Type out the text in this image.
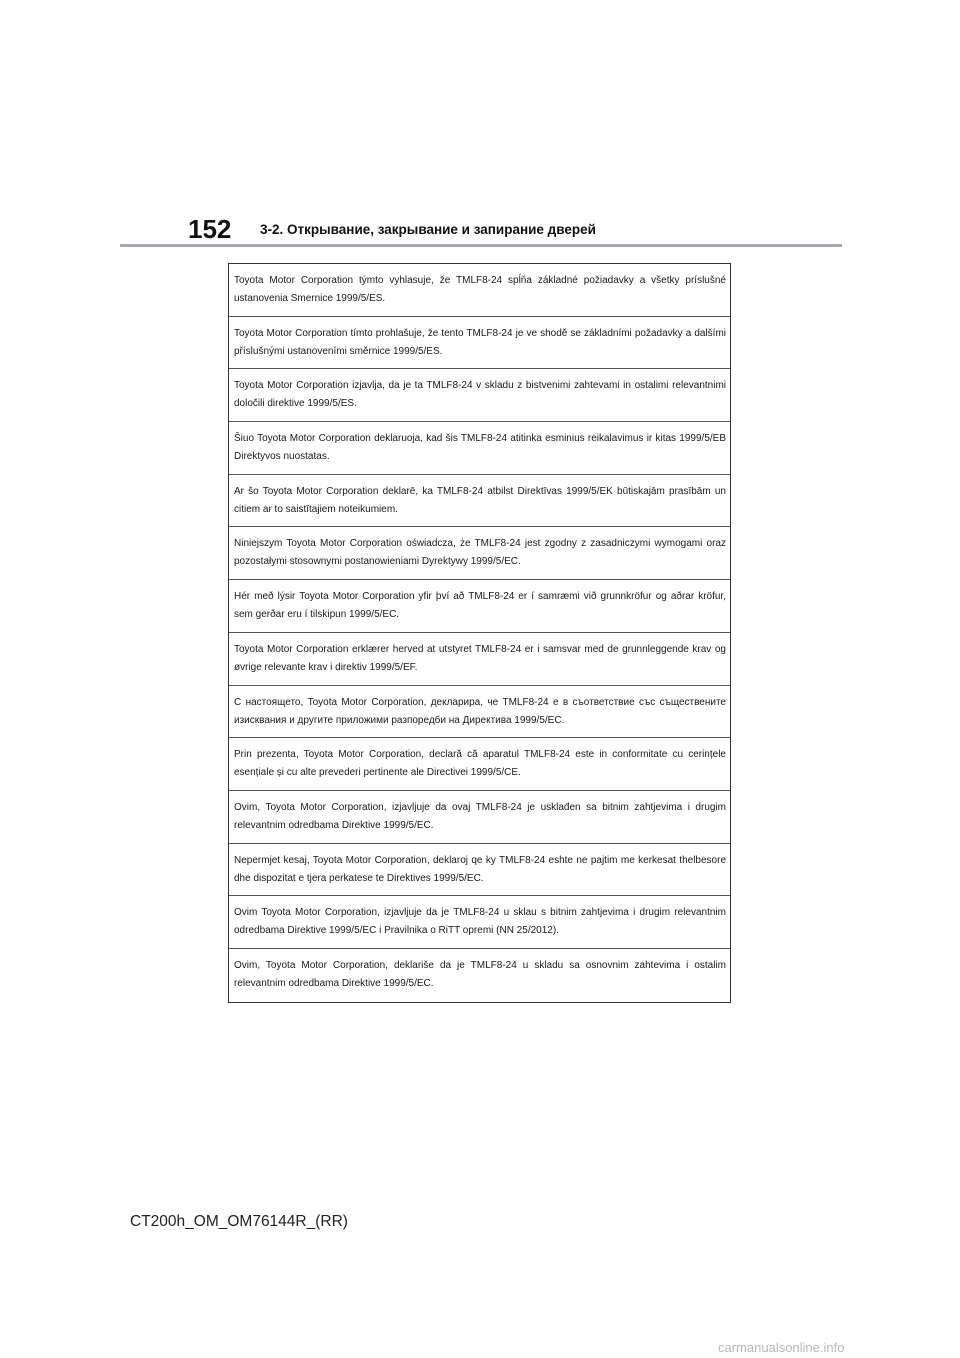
152 3-2. Открывание, закрывание и запирание дверей

Toyota Motor Corporation týmto vyhlasuje, že TMLF8-24 spĺňa základné požiadavky a všetky príslušné ustanovenia Smernice 1999/5/ES.

Toyota Motor Corporation tímto prohlašuje, že tento TMLF8-24 je ve shodě se základními požadavky a dalšími příslušnými ustanoveními směrnice 1999/5/ES.

Toyota Motor Corporation izjavlja, da je ta TMLF8-24 v skladu z bistvenimi zahtevami in ostalimi relevantnimi določili direktive 1999/5/ES.

Šiuo Toyota Motor Corporation deklaruoja, kad šis TMLF8-24 atitinka esminius reikalavimus ir kitas 1999/5/EB Direktyvos nuostatas.

Ar šo Toyota Motor Corporation deklarē, ka TMLF8-24 atbilst Direktīvas 1999/5/EK būtiskajām prasībām un citiem ar to saistītajiem noteikumiem.

Niniejszym Toyota Motor Corporation oświadcza, że TMLF8-24 jest zgodny z zasadniczymi wymogami oraz pozostałymi stosownymi postanowieniami Dyrektywy 1999/5/EC.

Hér með lýsir Toyota Motor Corporation yfir því að TMLF8-24 er í samræmi við grunnkröfur og aðrar kröfur, sem gerðar eru í tilskipun 1999/5/EC.

Toyota Motor Corporation erklærer herved at utstyret TMLF8-24 er i samsvar med de grunnleggende krav og øvrige relevante krav i direktiv 1999/5/EF.

С настоящето, Toyota Motor Corporation, декларира, че TMLF8-24 е в съответствие със съществените изисквания и другите приложими разпоредби на Директива 1999/5/ЕС.

Prin prezenta, Toyota Motor Corporation, declară că aparatul TMLF8-24 este in conformitate cu cerințele esențiale și cu alte prevederi pertinente ale Directivei 1999/5/CE.

Ovim, Toyota Motor Corporation, izjavljuje da ovaj TMLF8-24 je usklađen sa bitnim zahtjevima i drugim relevantnim odredbama Direktive 1999/5/EC.

Nepermjet kesaj, Toyota Motor Corporation, deklaroj qe ky TMLF8-24 eshte ne pajtim me kerkesat thelbesore dhe dispozitat e tjera perkatese te Direktives 1999/5/EC.

Ovim Toyota Motor Corporation, izjavljuje da je TMLF8-24 u sklau s bitnim zahtjevima i drugim relevantnim odredbama Direktive 1999/5/EC i Pravilnika o RiTT opremi (NN 25/2012).

Ovim, Toyota Motor Corporation, deklariše da je TMLF8-24 u skladu sa osnovnim zahtevima i ostalim relevantnim odredbama Direktive 1999/5/EC.

CT200h_OM_OM76144R_(RR)
carmanualsonline.info
